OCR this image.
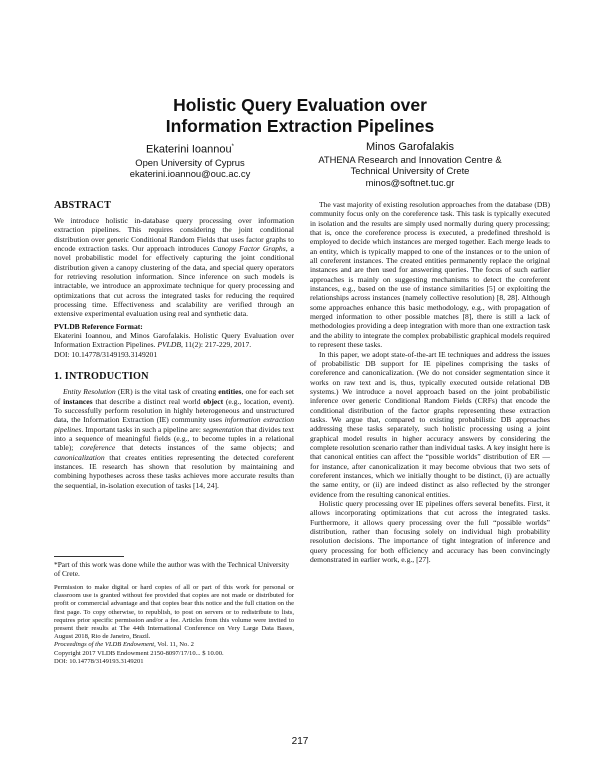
Holistic Query Evaluation over
Information Extraction Pipelines
Ekaterini Ioannou*
Open University of Cyprus
ekaterini.ioannou@ouc.ac.cy
Minos Garofalakis
ATHENA Research and Innovation Centre &
Technical University of Crete
minos@softnet.tuc.gr
ABSTRACT

We introduce holistic in-database query processing over information extraction pipelines. This requires considering the joint conditional distribution over generic Conditional Random Fields that uses factor graphs to encode extraction tasks. Our approach introduces Canopy Factor Graphs, a novel probabilistic model for effectively capturing the joint conditional distribution given a canopy clustering of the data, and special query operators for retrieving resolution information. Since inference on such models is intractable, we introduce an approximate technique for query processing and optimizations that cut across the integrated tasks for reducing the required processing time. Effectiveness and scalability are verified through an extensive experimental evaluation using real and synthetic data.

PVLDB Reference Format:

Ekaterini Ioannou, and Minos Garofalakis. Holistic Query Evaluation over Information Extraction Pipelines. PVLDB, 11(2): 217-229, 2017.

DOI: 10.14778/3149193.3149201
1. INTRODUCTION

Entity Resolution (ER) is the vital task of creating entities, one for each set of instances that describe a distinct real world object (e.g., location, event). To successfully perform resolution in highly heterogeneous and unstructured data, the Information Extraction (IE) community uses information extraction pipelines. Important tasks in such a pipeline are: segmentation that divides text into a sequence of meaningful fields (e.g., to become tuples in a relational table); coreference that detects instances of the same objects; and canonicalization that creates entities representing the detected coreferent instances. IE research has shown that resolution by maintaining and combining hypotheses across these tasks achieves more accurate results than the sequential, in-isolation execution of tasks [14, 24].

*Part of this work was done while the author was with the Technical University of Crete.

Permission to make digital or hard copies of all or part of this work for personal or classroom use is granted without fee provided that copies are not made or distributed for profit or commercial advantage and that copies bear this notice and the full citation on the first page. To copy otherwise, to republish, to post on servers or to redistribute to lists, requires prior specific permission and/or a fee. Articles from this volume were invited to present their results at The 44th International Conference on Very Large Data Bases, August 2018, Rio de Janeiro, Brazil.

Proceedings of the VLDB Endowment, Vol. 11, No. 2

Copyright 2017 VLDB Endowment 2150-8097/17/10... $ 10.00.

DOI: 10.14778/3149193.3149201

The vast majority of existing resolution approaches from the database (DB) community focus only on the coreference task. This task is typically executed in isolation and the results are simply used normally during query processing; that is, once the coreference process is executed, a predefined threshold is employed to decide which instances are merged together. Each merge leads to an entity, which is typically mapped to one of the instances or to the union of all coreferent instances. The created entities permanently replace the original instances and are then used for answering queries. The focus of such earlier approaches is mainly on suggesting mechanisms to detect the coreferent instances, e.g., based on the use of instance similarities [5] or exploiting the relationships across instances (namely collective resolution) [8, 28]. Although some approaches enhance this basic methodology, e.g., with propagation of merged information to other possible matches [8], there is still a lack of methodologies providing a deep integration with more than one extraction task and the ability to integrate the complex probabilistic graphical models required to represent these tasks.

In this paper, we adopt state-of-the-art IE techniques and address the issues of probabilistic DB support for IE pipelines comprising the tasks of coreference and canonicalization. (We do not consider segmentation since it works on raw text and is, thus, typically executed outside relational DB systems.) We introduce a novel approach based on the joint probabilistic inference over generic Conditional Random Fields (CRFs) that encode the conditional distribution of the factor graphs representing these extraction tasks. We argue that, compared to existing probabilistic DB approaches addressing these tasks separately, such holistic processing using a joint graphical model results in higher accuracy answers by considering the complete resolution scenario rather than individual tasks. A key insight here is that canonical entities can affect the “possible worlds” distribution of ER — for instance, after canonicalization it may become obvious that two sets of coreferent instances, which we initially thought to be distinct, (i) are actually the same entity, or (ii) are indeed distinct as also reflected by the stronger evidence from the resulting canonical entities.

Holistic query processing over IE pipelines offers several benefits. First, it allows incorporating optimizations that cut across the integrated tasks. Furthermore, it allows query processing over the full “possible worlds” distribution, rather than focusing solely on individual high probability resolution decisions. The importance of tight integration of inference and query processing for both efficiency and accuracy has been convincingly demonstrated in earlier work, e.g., [27].

217
